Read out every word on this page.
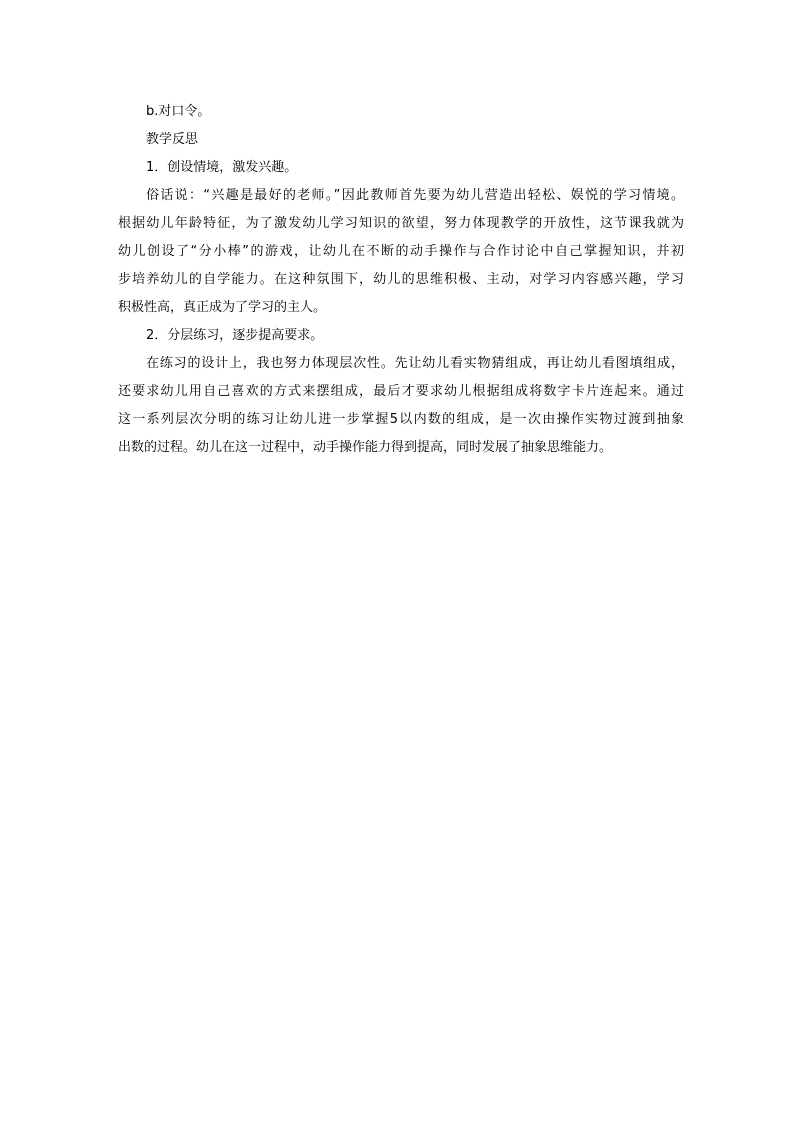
b.对口令。
教学反思
1．创设情境，激发兴趣。
俗话说：“兴趣是最好的老师。”因此教师首先要为幼儿营造出轻松、娱悦的学习情境。
根据幼儿年龄特征，为了激发幼儿学习知识的欲望，努力体现教学的开放性，这节课我就为
幼儿创设了“分小棒”的游戏，让幼儿在不断的动手操作与合作讨论中自己掌握知识，并初
步培养幼儿的自学能力。在这种氛围下，幼儿的思维积极、主动，对学习内容感兴趣，学习
积极性高，真正成为了学习的主人。
2．分层练习，逐步提高要求。
在练习的设计上，我也努力体现层次性。先让幼儿看实物猜组成，再让幼儿看图填组成，
还要求幼儿用自己喜欢的方式来摆组成，最后才要求幼儿根据组成将数字卡片连起来。通过
这一系列层次分明的练习让幼儿进一步掌握5以内数的组成，是一次由操作实物过渡到抽象
出数的过程。幼儿在这一过程中，动手操作能力得到提高，同时发展了抽象思维能力。
